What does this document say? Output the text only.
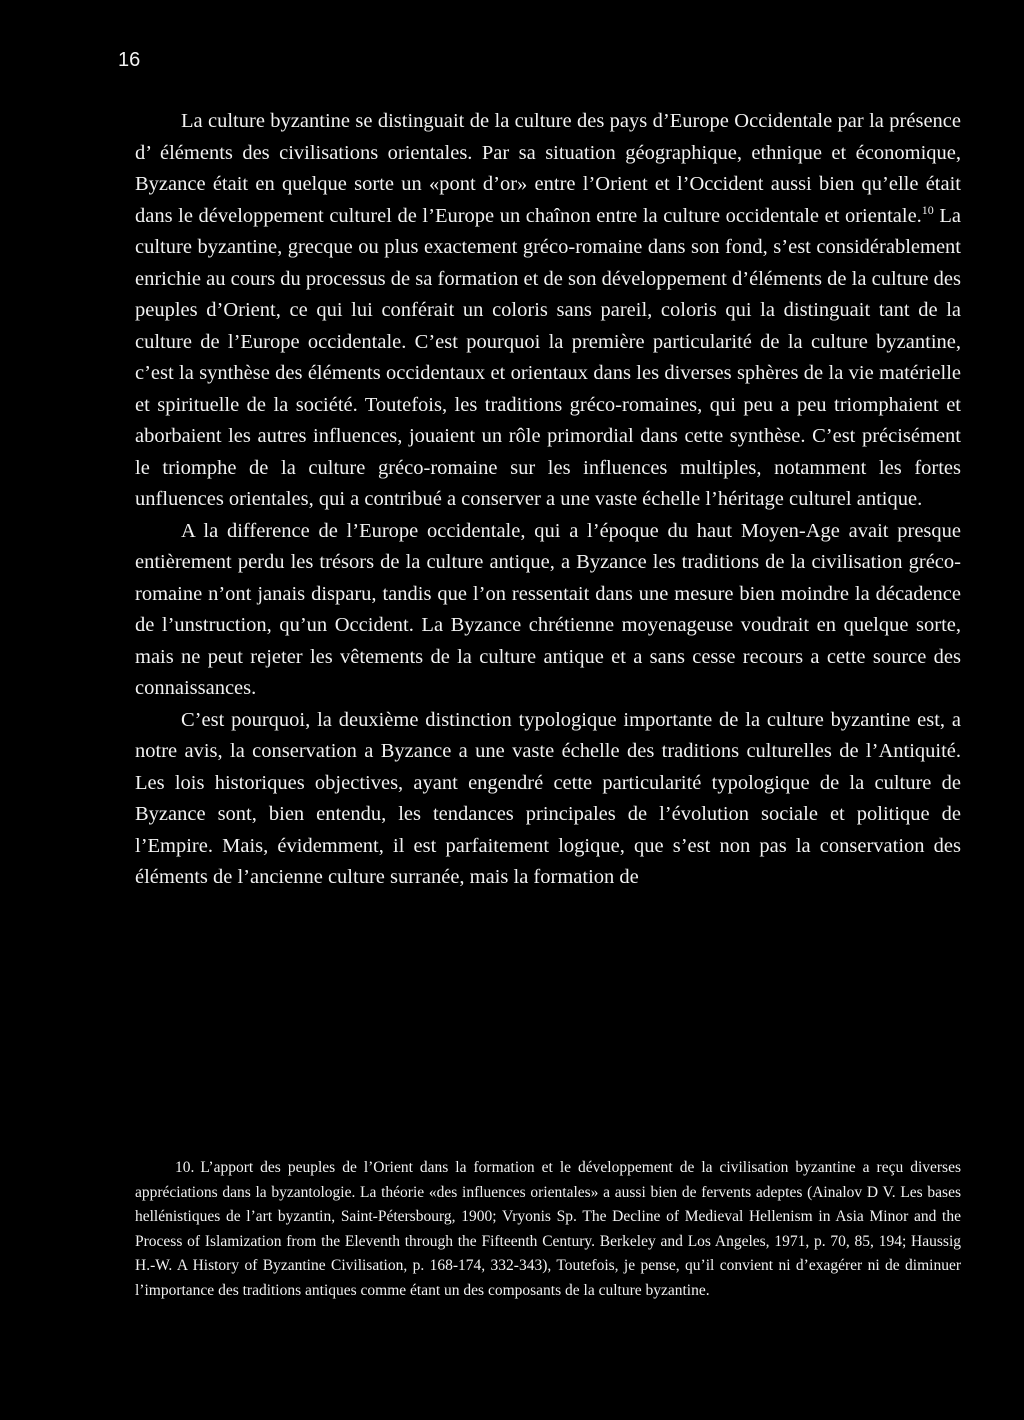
16

La culture byzantine se distinguait de la culture des pays d’Europe Occidentale par la présence d’ éléments des civilisations orientales. Par sa situation géographique, ethnique et économique, Byzance était en quelque sorte un «pont d’or» entre l’Orient et l’Occident aussi bien qu’elle était dans le développement culturel de l’Europe un chaînon entre la culture occidentale et orientale.$^{10}$ La culture byzantine, grecque ou plus exactement gréco-romaine dans son fond, s’est considérablement enrichie au cours du processus de sa formation et de son développement d’éléments de la culture des peuples d’Orient, ce qui lui conférait un coloris sans pareil, coloris qui la distinguait tant de la culture de l’Europe occidentale. C’est pourquoi la première particularité de la culture byzantine, c’est la synthèse des éléments occidentaux et orientaux dans les diverses sphères de la vie matérielle et spirituelle de la société. Toutefois, les traditions gréco-romaines, qui peu a peu triomphaient et aborbaient les autres influences, jouaient un rôle primordial dans cette synthèse. C’est précisément le triomphe de la culture gréco-romaine sur les influences multiples, notamment les fortes unfluences orientales, qui a contribué a conserver a une vaste échelle l’héritage culturel antique.

A la difference de l’Europe occidentale, qui a l’époque du haut Moyen-Age avait presque entièrement perdu les trésors de la culture antique, a Byzance les traditions de la civilisation gréco-romaine n’ont janais disparu, tandis que l’on ressentait dans une mesure bien moindre la décadence de l’unstruction, qu’un Occident. La Byzance chrétienne moyenageuse voudrait en quelque sorte, mais ne peut rejeter les vêtements de la culture antique et a sans cesse recours a cette source des connaissances.

C’est pourquoi, la deuxième distinction typologique importante de la culture byzantine est, a notre avis, la conservation a Byzance a une vaste échelle des traditions culturelles de l’Antiquité. Les lois historiques objectives, ayant engendré cette particularité typologique de la culture de Byzance sont, bien entendu, les tendances principales de l’évolution sociale et politique de l’Empire. Mais, évidemment, il est parfaitement logique, que s’est non pas la conservation des éléments de l’ancienne culture surranée, mais la formation de

10. L’apport des peuples de l’Orient dans la formation et le développement de la civilisation byzantine a reçu diverses appréciations dans la byzantologie. La théorie «des influences orientales» a aussi bien de fervents adeptes (Ainalov D V. Les bases hellénistiques de l’art byzantin, Saint-Pétersbourg, 1900; Vryonis Sp. The Decline of Medieval Hellenism in Asia Minor and the Process of Islamization from the Eleventh through the Fifteenth Century. Berkeley and Los Angeles, 1971, p. 70, 85, 194; Haussig H.-W. A History of Byzantine Civilisation, p. 168-174, 332-343), Toutefois, je pense, qu’il convient ni d’exagérer ni de diminuer l’importance des traditions antiques comme étant un des composants de la culture byzantine.
